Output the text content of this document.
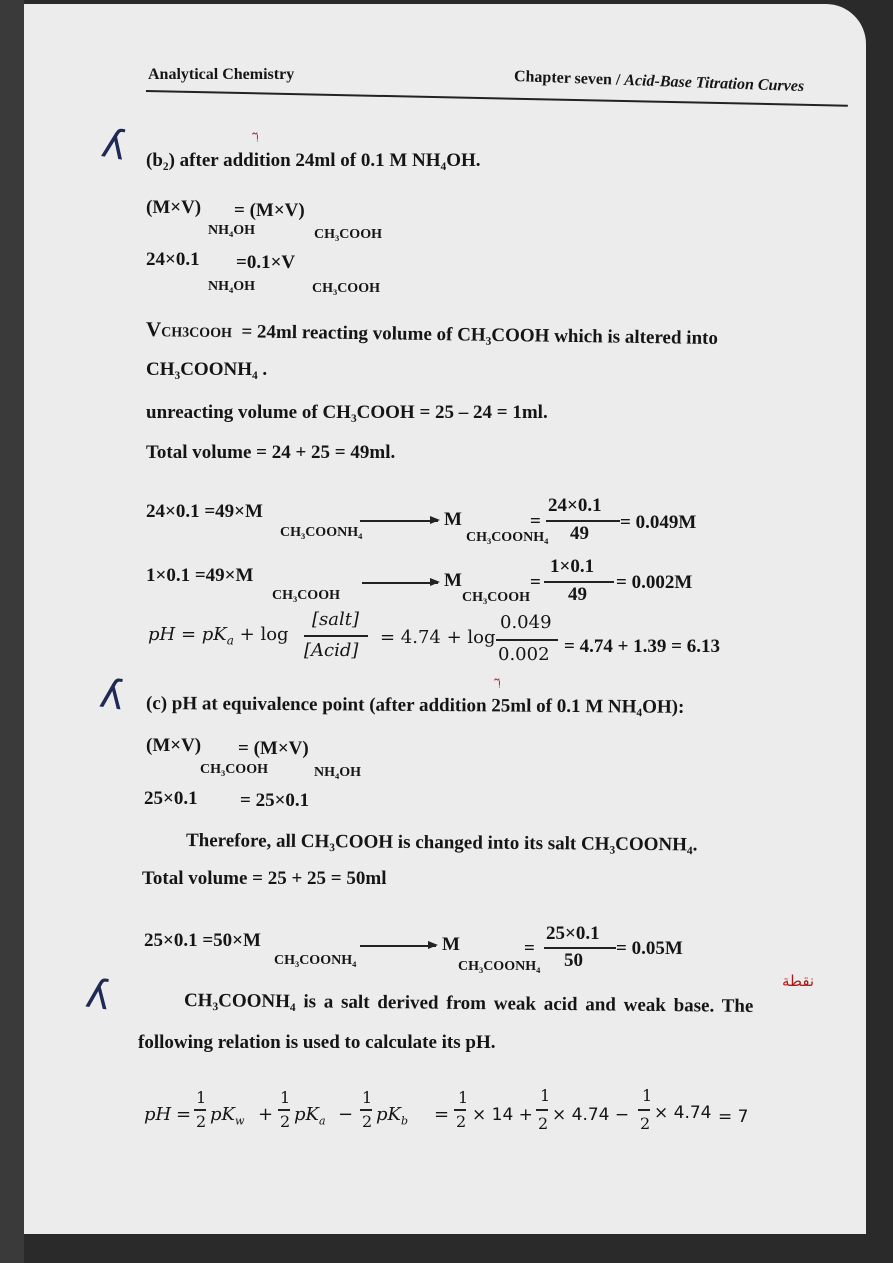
Analytical Chemistry	Chapter seven / Acid-Base Titration Curves
ʎ
ʎ
ʎ
(b₂) after addition 24ml of 0.1 M NH₄OH.
ᵎ̃
(M×V) = (M×V)
NH₄OH	CH₃COOH
24×0.1 =0.1×V
NH₄OH	CH₃COOH
VCH3COOH = 24ml reacting volume of CH₃COOH which is altered into
CH₃COONH₄ .
unreacting volume of CH₃COOH = 25 – 24 = 1ml.
Total volume = 24 + 25 = 49ml.
24×0.1 =49×M
CH₃COONH₄
M
CH₃COONH₄
=
24×0.1
49
= 0.049M
1×0.1 =49×M
CH₃COOH
M
CH₃COOH
=
1×0.1
49
= 0.002M
pH = $pK_a + \log$
[salt]
[Acid]
= 4.74 + log
0.049
0.002 = 4.74 + 1.39 = 6.13
(c) pH at equivalence point (after addition 25ml of 0.1 M NH₄OH):
ᵎ̃
(M×V) = (M×V)
CH₃COOH	NH₄OH
25×0.1 = 25×0.1
Therefore, all CH₃COOH is changed into its salt CH₃COONH₄.
Total volume = 25 + 25 = 50ml
25×0.1 =50×M
CH₃COONH₄
M
CH₃COONH₄
=
25×0.1
50
= 0.05M
CH₃COONH₄ is a salt derived from weak acid and weak base. The
نقطة
following relation is used to calculate its pH.
pH =
1
2 $pK_w$ +
1
2 $pK_a$ −
1
2 $pK_b$ =
1
2 × 14 +
1
2 × 4.74 −
1
2
× 4.74 = 7
